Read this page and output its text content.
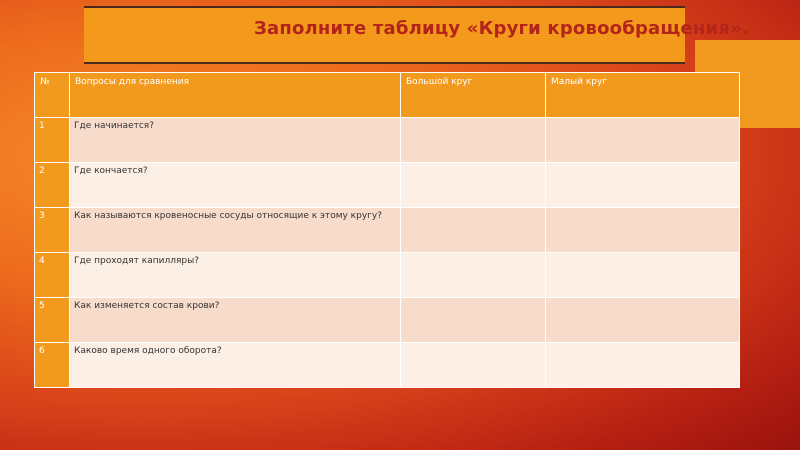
Заполните таблицу «Круги кровообращения».
№	Вопросы для сравнения	Большой круг	Малый круг
1	Где начинается?		
2	Где кончается?		
3	Как называются кровеносные сосуды относящие к этому кругу?		
4	Где проходят капилляры?		
5	Как изменяется состав крови?		
6	Каково время одного оборота?		
